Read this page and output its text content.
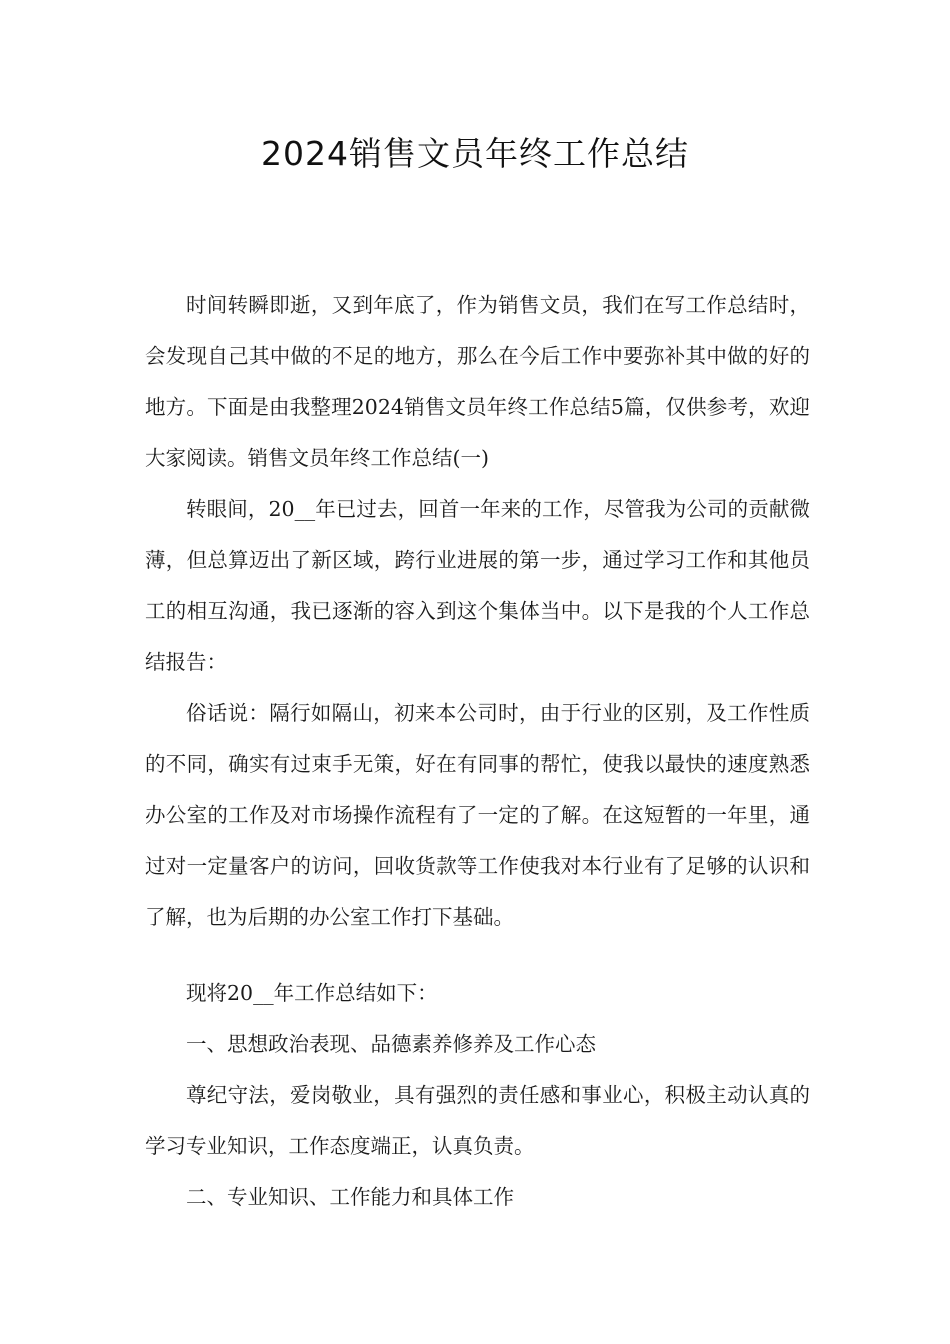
2024销售文员年终工作总结

时间转瞬即逝，又到年底了，作为销售文员，我们在写工作总结时，会发现自己其中做的不足的地方，那么在今后工作中要弥补其中做的好的地方。下面是由我整理2024销售文员年终工作总结5篇，仅供参考，欢迎大家阅读。销售文员年终工作总结(一)

转眼间，20__年已过去，回首一年来的工作，尽管我为公司的贡献微薄，但总算迈出了新区域，跨行业进展的第一步，通过学习工作和其他员工的相互沟通，我已逐渐的容入到这个集体当中。以下是我的个人工作总结报告：

俗话说：隔行如隔山，初来本公司时，由于行业的区别，及工作性质的不同，确实有过束手无策，好在有同事的帮忙，使我以最快的速度熟悉办公室的工作及对市场操作流程有了一定的了解。在这短暂的一年里，通过对一定量客户的访问，回收货款等工作使我对本行业有了足够的认识和了解，也为后期的办公室工作打下基础。

现将20__年工作总结如下：

一、思想政治表现、品德素养修养及工作心态

尊纪守法，爱岗敬业，具有强烈的责任感和事业心，积极主动认真的学习专业知识，工作态度端正，认真负责。

二、专业知识、工作能力和具体工作
